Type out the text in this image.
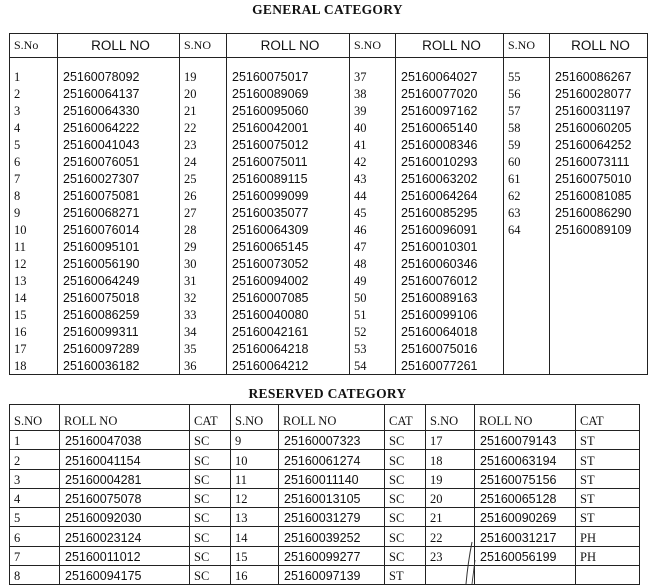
GENERAL CATEGORY
S.No	ROLL NO	S.NO	ROLL NO	S.NO	ROLL NO	S.NO	ROLL NO

1	25160078092	19	25160075017	37	25160064027	55	25160086267
2	25160064137	20	25160089069	38	25160077020	56	25160028077
3	25160064330	21	25160095060	39	25160097162	57	25160031197
4	25160064222	22	25160042001	40	25160065140	58	25160060205
5	25160041043	23	25160075012	41	25160008346	59	25160064252
6	25160076051	24	25160075011	42	25160010293	60	25160073111
7	25160027307	25	25160089115	43	25160063202	61	25160075010
8	25160075081	26	25160099099	44	25160064264	62	25160081085
9	25160068271	27	25160035077	45	25160085295	63	25160086290
10	25160076014	28	25160064309	46	25160096091	64	25160089109
11	25160095101	29	25160065145	47	25160010301		
12	25160056190	30	25160073052	48	25160060346		
13	25160064249	31	25160094002	49	25160076012		
14	25160075018	32	25160007085	50	25160089163		
15	25160086259	33	25160040080	51	25160099106		
16	25160099311	34	25160042161	52	25160064018		
17	25160097289	35	25160064218	53	25160075016		
18	25160036182	36	25160064212	54	25160077261		
RESERVED CATEGORY
S.NO	ROLL NO	CAT	S.NO	ROLL NO	CAT	S.NO	ROLL NO	CAT
1	25160047038	SC	9	25160007323	SC	17	25160079143	ST
2	25160041154	SC	10	25160061274	SC	18	25160063194	ST
3	25160004281	SC	11	25160011140	SC	19	25160075156	ST
4	25160075078	SC	12	25160013105	SC	20	25160065128	ST
5	25160092030	SC	13	25160031279	SC	21	25160090269	ST
6	25160023124	SC	14	25160039252	SC	22	25160031217	PH
7	25160011012	SC	15	25160099277	SC	23	25160056199	PH
8	25160094175	SC	16	25160097139	ST			
